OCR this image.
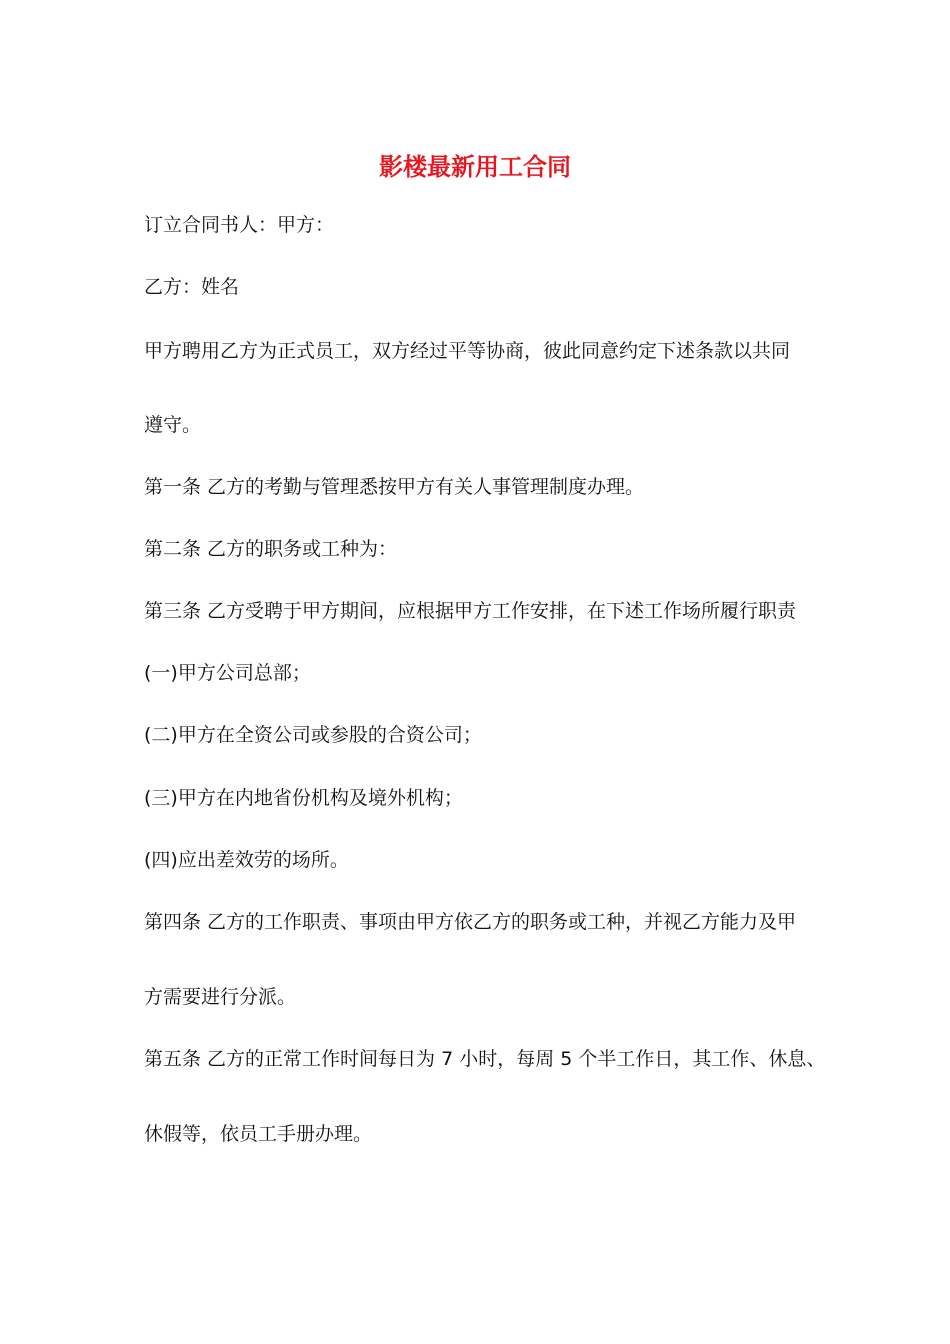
影楼最新用工合同
订立合同书人：甲方：
乙方：姓名
甲方聘用乙方为正式员工，双方经过平等协商，彼此同意约定下述条款以共同
遵守。
第一条 乙方的考勤与管理悉按甲方有关人事管理制度办理。
第二条 乙方的职务或工种为：
第三条 乙方受聘于甲方期间，应根据甲方工作安排，在下述工作场所履行职责
(一)甲方公司总部；
(二)甲方在全资公司或参股的合资公司；
(三)甲方在内地省份机构及境外机构；
(四)应出差效劳的场所。
第四条 乙方的工作职责、事项由甲方依乙方的职务或工种，并视乙方能力及甲
方需要进行分派。
第五条 乙方的正常工作时间每日为 7 小时，每周 5 个半工作日，其工作、休息、
休假等，依员工手册办理。
